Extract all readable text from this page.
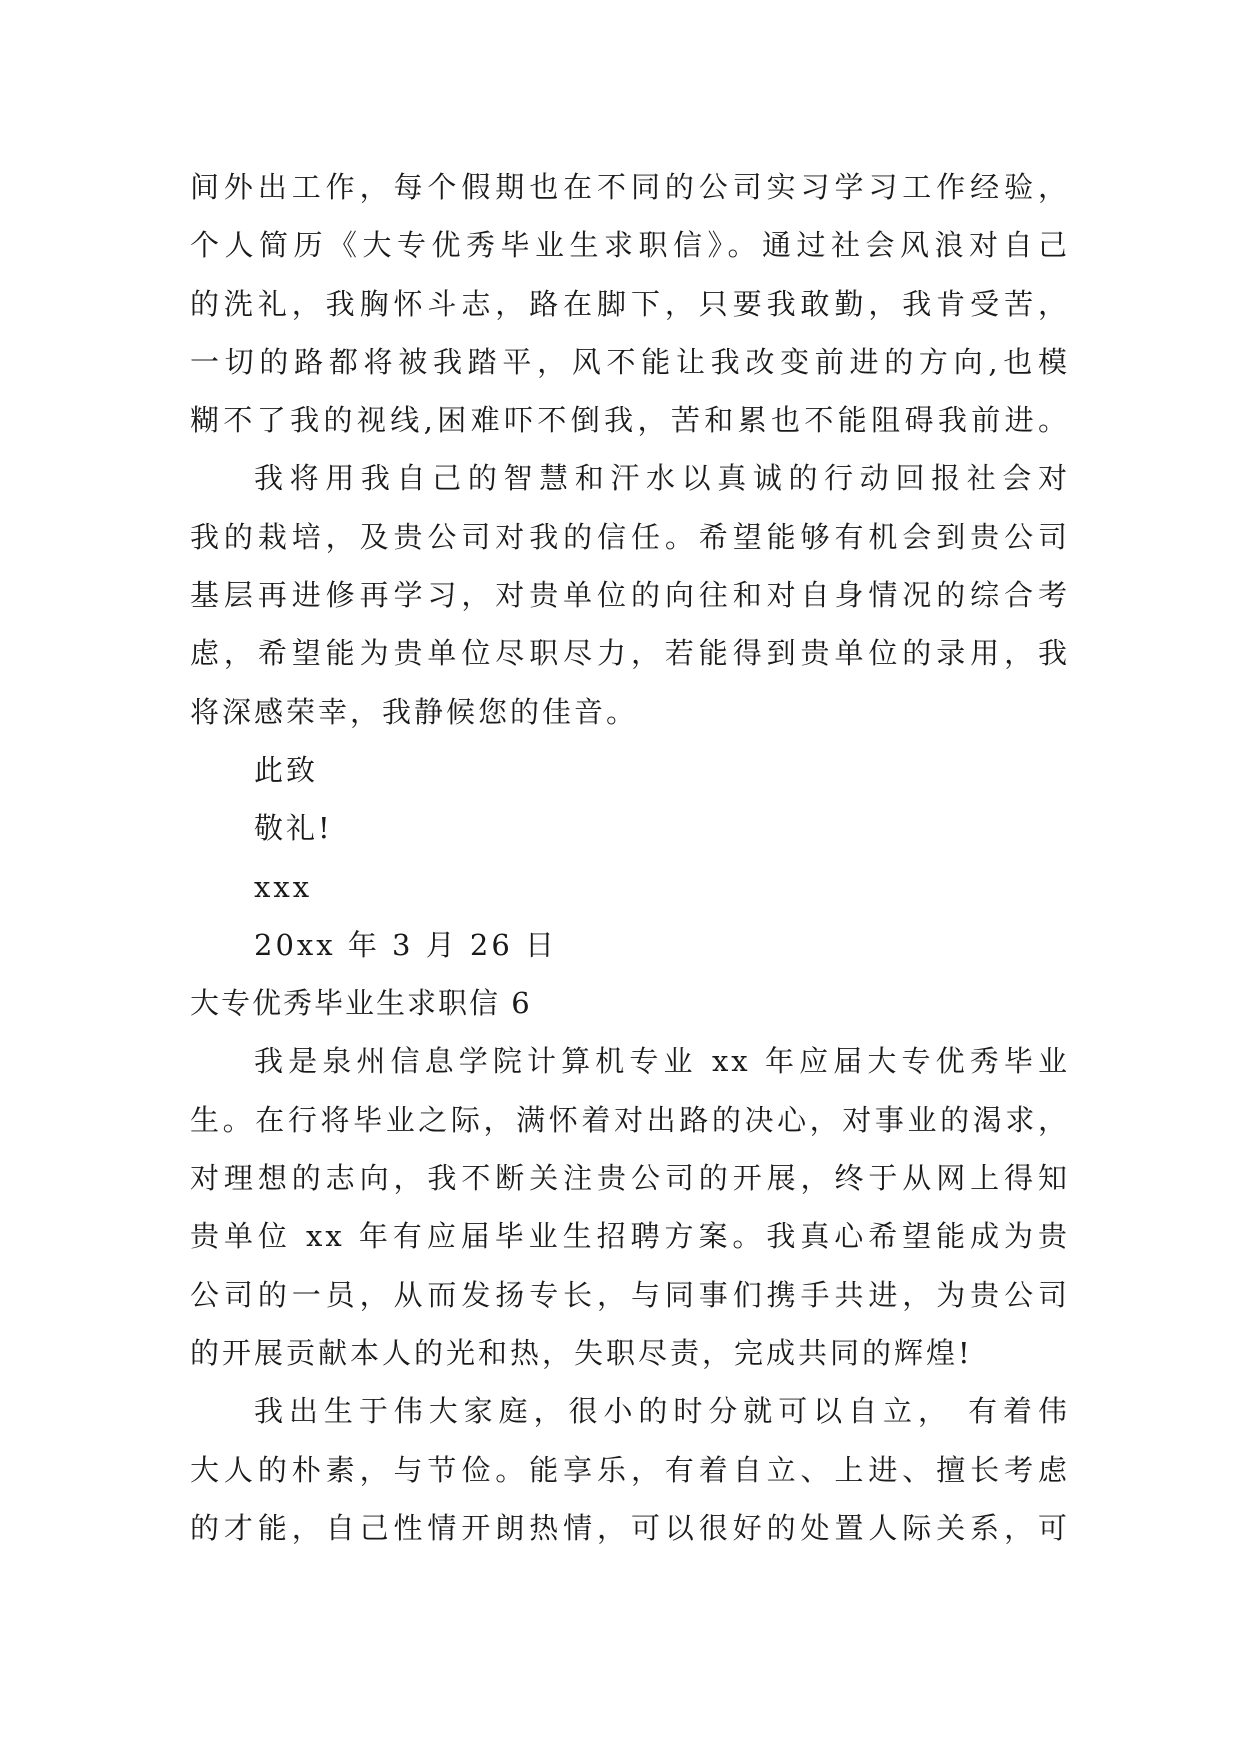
间外出工作，每个假期也在不同的公司实习学习工作经验，
个人简历《大专优秀毕业生求职信》。通过社会风浪对自己
的洗礼，我胸怀斗志，路在脚下，只要我敢勤，我肯受苦，
一切的路都将被我踏平，风不能让我改变前进的方向,也模
糊不了我的视线,困难吓不倒我，苦和累也不能阻碍我前进。
我将用我自己的智慧和汗水以真诚的行动回报社会对
我的栽培，及贵公司对我的信任。希望能够有机会到贵公司
基层再进修再学习，对贵单位的向往和对自身情况的综合考
虑，希望能为贵单位尽职尽力，若能得到贵单位的录用，我
将深感荣幸，我静候您的佳音。
此致
敬礼!
xxx
20xx 年 3 月 26 日
大专优秀毕业生求职信 6
我是泉州信息学院计算机专业 xx 年应届大专优秀毕业
生。在行将毕业之际，满怀着对出路的决心，对事业的渴求，
对理想的志向，我不断关注贵公司的开展，终于从网上得知
贵单位 xx 年有应届毕业生招聘方案。我真心希望能成为贵
公司的一员，从而发扬专长，与同事们携手共进，为贵公司
的开展贡献本人的光和热，失职尽责，完成共同的辉煌!
我出生于伟大家庭，很小的时分就可以自立， 有着伟
大人的朴素，与节俭。能享乐，有着自立、上进、擅长考虑
的才能，自己性情开朗热情，可以很好的处置人际关系，可
